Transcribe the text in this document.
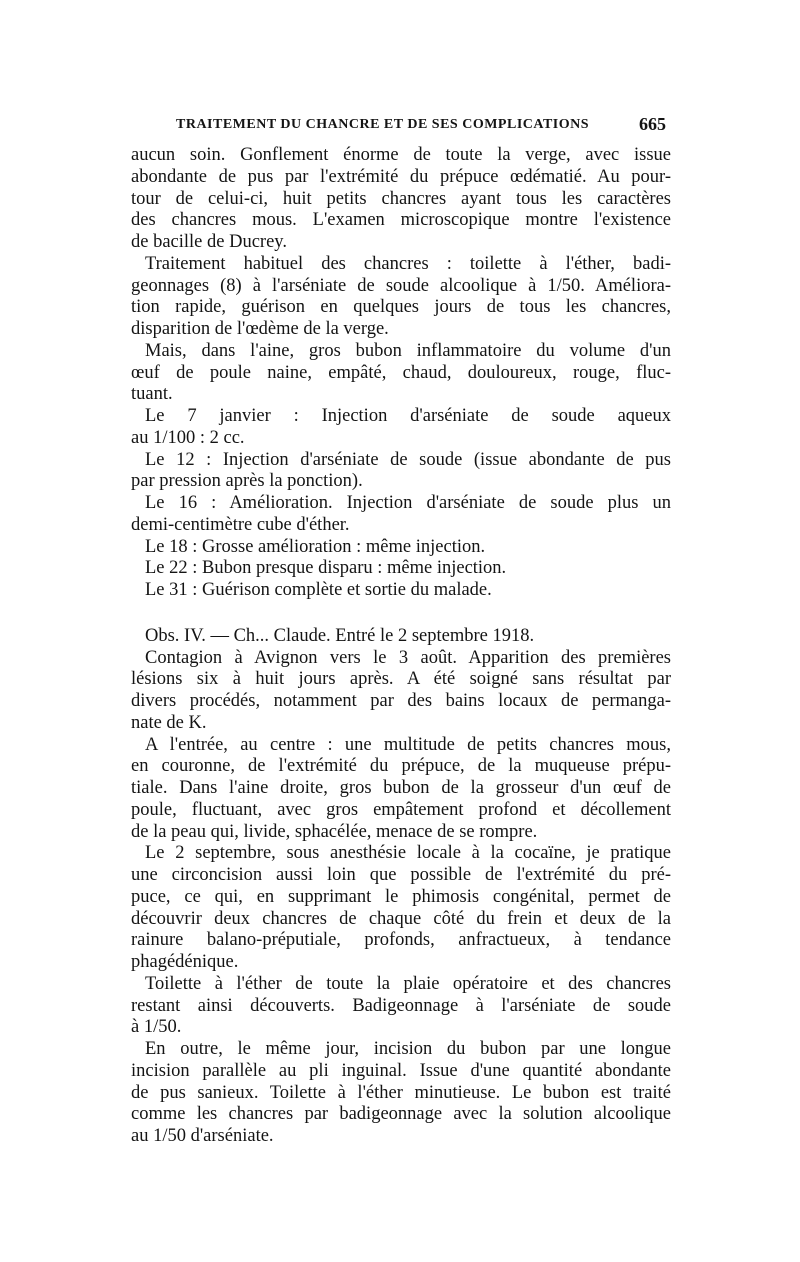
TRAITEMENT DU CHANCRE ET DE SES COMPLICATIONS	665
aucun soin. Gonflement énorme de toute la verge, avec issue
abondante de pus par l'extrémité du prépuce œdématié. Au pour-
tour de celui-ci, huit petits chancres ayant tous les caractères
des chancres mous. L'examen microscopique montre l'existence
de bacille de Ducrey.
Traitement habituel des chancres : toilette à l'éther, badi-
geonnages (8) à l'arséniate de soude alcoolique à 1/50. Améliora-
tion rapide, guérison en quelques jours de tous les chancres,
disparition de l'œdème de la verge.
Mais, dans l'aine, gros bubon inflammatoire du volume d'un
œuf de poule naine, empâté, chaud, douloureux, rouge, fluc-
tuant.
Le 7 janvier : Injection d'arséniate de soude aqueux
au 1/100 : 2 cc.
Le 12 : Injection d'arséniate de soude (issue abondante de pus
par pression après la ponction).
Le 16 : Amélioration. Injection d'arséniate de soude plus un
demi-centimètre cube d'éther.
Le 18 : Grosse amélioration : même injection.
Le 22 : Bubon presque disparu : même injection.
Le 31 : Guérison complète et sortie du malade.
Obs. IV. — Ch... Claude. Entré le 2 septembre 1918.
Contagion à Avignon vers le 3 août. Apparition des premières
lésions six à huit jours après. A été soigné sans résultat par
divers procédés, notamment par des bains locaux de permanga-
nate de K.
A l'entrée, au centre : une multitude de petits chancres mous,
en couronne, de l'extrémité du prépuce, de la muqueuse prépu-
tiale. Dans l'aine droite, gros bubon de la grosseur d'un œuf de
poule, fluctuant, avec gros empâtement profond et décollement
de la peau qui, livide, sphacélée, menace de se rompre.
Le 2 septembre, sous anesthésie locale à la cocaïne, je pratique
une circoncision aussi loin que possible de l'extrémité du pré-
puce, ce qui, en supprimant le phimosis congénital, permet de
découvrir deux chancres de chaque côté du frein et deux de la
rainure balano-préputiale, profonds, anfractueux, à tendance
phagédénique.
Toilette à l'éther de toute la plaie opératoire et des chancres
restant ainsi découverts. Badigeonnage à l'arséniate de soude
à 1/50.
En outre, le même jour, incision du bubon par une longue
incision parallèle au pli inguinal. Issue d'une quantité abondante
de pus sanieux. Toilette à l'éther minutieuse. Le bubon est traité
comme les chancres par badigeonnage avec la solution alcoolique
au 1/50 d'arséniate.
